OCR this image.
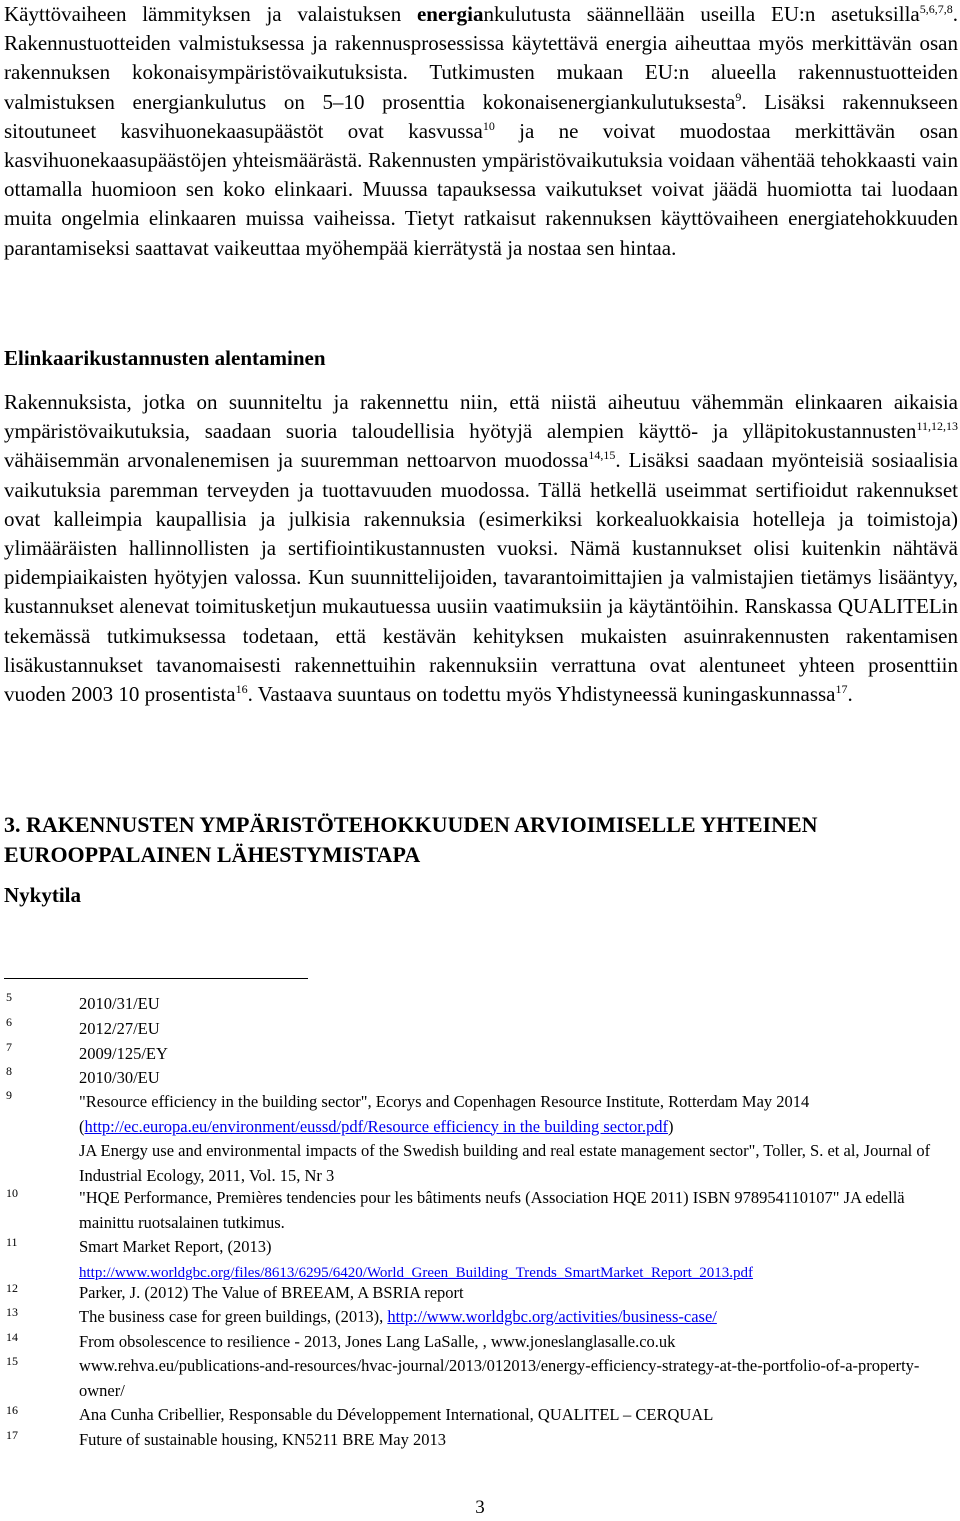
Käyttövaiheen lämmityksen ja valaistuksen energiankulutusta säännellään useilla EU:n asetuksilla$^{5,6,7,8}$. Rakennustuotteiden valmistuksessa ja rakennusprosessissa käytettävä energia aiheuttaa myös merkittävän osan rakennuksen kokonaisympäristövaikutuksista. Tutkimusten mukaan EU:n alueella rakennustuotteiden valmistuksen energiankulutus on 5–10 prosenttia kokonaisenergiankulutuksesta$^9$. Lisäksi rakennukseen sitoutuneet kasvihuonekaasupäästöt ovat kasvussa$^{10}$ ja ne voivat muodostaa merkittävän osan kasvihuonekaasupäästöjen yhteismäärästä. Rakennusten ympäristövaikutuksia voidaan vähentää tehokkaasti vain ottamalla huomioon sen koko elinkaari. Muussa tapauksessa vaikutukset voivat jäädä huomiotta tai luodaan muita ongelmia elinkaaren muissa vaiheissa. Tietyt ratkaisut rakennuksen käyttövaiheen energiatehokkuuden parantamiseksi saattavat vaikeuttaa myöhempää kierrätystä ja nostaa sen hintaa.

Elinkaarikustannusten alentaminen

Rakennuksista, jotka on suunniteltu ja rakennettu niin, että niistä aiheutuu vähemmän elinkaaren aikaisia ympäristövaikutuksia, saadaan suoria taloudellisia hyötyjä alempien käyttö- ja ylläpitokustannusten$^{11,12,13}$ vähäisemmän arvonalenemisen ja suuremman nettoarvon muodossa$^{14,15}$. Lisäksi saadaan myönteisiä sosiaalisia vaikutuksia paremman terveyden ja tuottavuuden muodossa. Tällä hetkellä useimmat sertifioidut rakennukset ovat kalleimpia kaupallisia ja julkisia rakennuksia (esimerkiksi korkealuokkaisia hotelleja ja toimistoja) ylimääräisten hallinnollisten ja sertifiointikustannusten vuoksi. Nämä kustannukset olisi kuitenkin nähtävä pidempiaikaisten hyötyjen valossa. Kun suunnittelijoiden, tavarantoimittajien ja valmistajien tietämys lisääntyy, kustannukset alenevat toimitusketjun mukautuessa uusiin vaatimuksiin ja käytäntöihin. Ranskassa QUALITELin tekemässä tutkimuksessa todetaan, että kestävän kehityksen mukaisten asuinrakennusten rakentamisen lisäkustannukset tavanomaisesti rakennettuihin rakennuksiin verrattuna ovat alentuneet yhteen prosenttiin vuoden 2003 10 prosentista$^{16}$. Vastaava suuntaus on todettu myös Yhdistyneessä kuningaskunnassa$^{17}$.

3. RAKENNUSTEN YMPÄRISTÖTEHOKKUUDEN ARVIOIMISELLE YHTEINEN EUROOPPALAINEN LÄHESTYMISTAPA
Nykytila
5	2010/31/EU

6	2012/27/EU

7	2009/125/EY

8	2010/30/EU

9	"Resource efficiency in the building sector", Ecorys and Copenhagen Resource Institute, Rotterdam May 2014 (http://ec.europa.eu/environment/eussd/pdf/Resource efficiency in the building sector.pdf)
JA Energy use and environmental impacts of the Swedish building and real estate management sector", Toller, S. et al, Journal of Industrial Ecology, 2011, Vol. 15, Nr 3

10	"HQE Performance, Premières tendencies pour les bâtiments neufs (Association HQE 2011) ISBN 978954110107" JA edellä mainittu ruotsalainen tutkimus.

11	Smart Market Report, (2013)
http://www.worldgbc.org/files/8613/6295/6420/World_Green_Building_Trends_SmartMarket_Report_2013.pdf

12	Parker, J. (2012) The Value of BREEAM, A BSRIA report

13	The business case for green buildings, (2013), http://www.worldgbc.org/activities/business-case/

14	From obsolescence to resilience - 2013, Jones Lang LaSalle, , www.joneslanglasalle.co.uk

15	www.rehva.eu/publications-and-resources/hvac-journal/2013/012013/energy-efficiency-strategy-at-the-portfolio-of-a-property-owner/

16	Ana Cunha Cribellier, Responsable du Développement International, QUALITEL – CERQUAL

17	Future of sustainable housing, KN5211 BRE May 2013

3
